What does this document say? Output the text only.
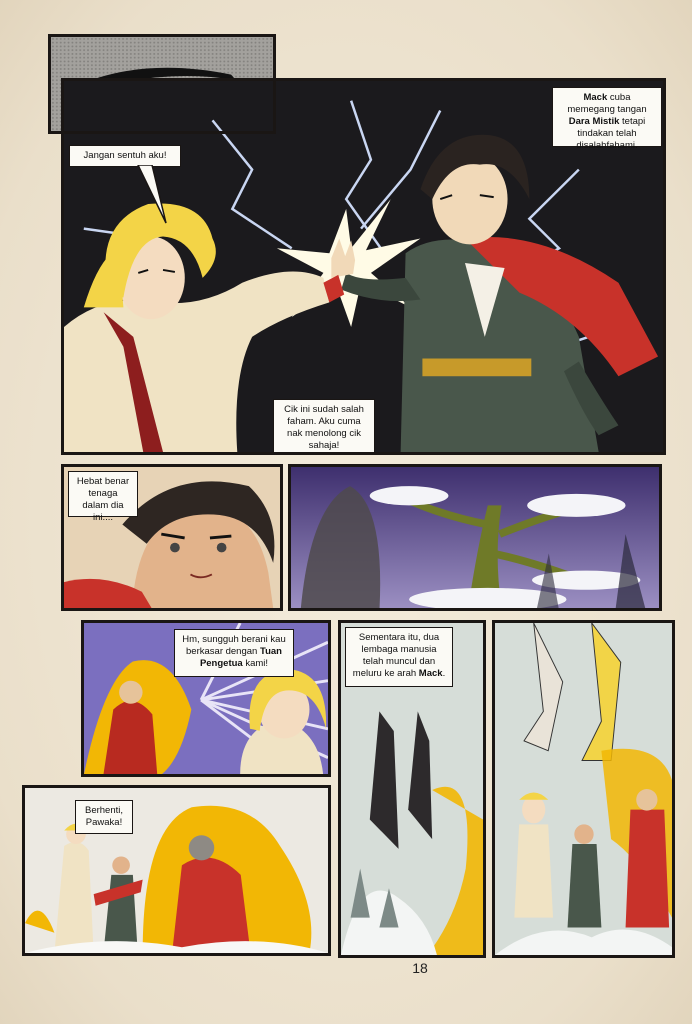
Mack cuba memegang tangan Dara Mistik tetapi tindakan telah disalahfahami.
Jangan sentuh aku!
Cik ini sudah salah faham. Aku cuma nak menolong cik sahaja!
Hebat benar tenaga dalam dia ini....
Hm, sungguh berani kau berkasar dengan Tuan Pengetua kami!
Sementara itu, dua lembaga manusia telah muncul dan meluru ke arah Mack.
Berhenti, Pawaka!
18
